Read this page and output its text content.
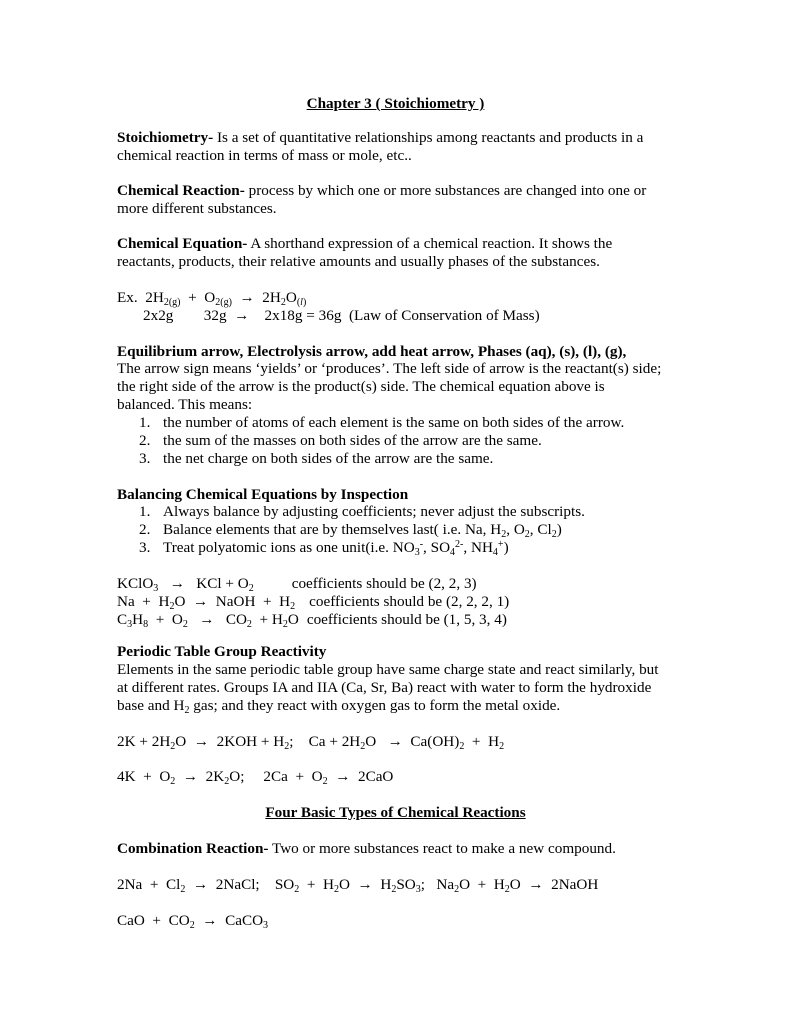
Chapter 3 ( Stoichiometry )
Stoichiometry- Is a set of quantitative relationships among reactants and products in a
chemical reaction in terms of mass or mole, etc..
Chemical Reaction- process by which one or more substances are changed into one or
more different substances.
Chemical Equation- A shorthand expression of a chemical reaction. It shows the
reactants, products, their relative amounts and usually phases of the substances.
Ex.  $2H_{2(g)} + O_{2(g)} \to 2H_2O_{(l)}$
2x2g        32g  →    2x18g = 36g  (Law of Conservation of Mass)
Equilibrium arrow, Electrolysis arrow, add heat arrow, Phases (aq), (s), (l), (g),
The arrow sign means ‘yields’ or ‘produces’. The left side of arrow is the reactant(s) side;
the right side of the arrow is the product(s) side. The chemical equation above is
balanced. This means:
1. the number of atoms of each element is the same on both sides of the arrow.
2. the sum of the masses on both sides of the arrow are the same.
3. the net charge on both sides of the arrow are the same.
Balancing Chemical Equations by Inspection
1. Always balance by adjusting coefficients; never adjust the subscripts.
2. Balance elements that are by themselves last( i.e. Na, $H_2$, $O_2$, $Cl_2$)
3. Treat polyatomic ions as one unit(i.e. $NO_3^-$, $SO_4^{2-}$, $NH_4^+$)
KClO$_3$   →   KCl + $O_2$	coefficients should be (2, 2, 3)
$Na + H_2O$  →  NaOH  +  $H_2$ coefficients should be (2, 2, 2, 1)
$C_3H_8 + O_2 \to CO_2 + H_2O$ coefficients should be (1, 5, 3, 4)
Periodic Table Group Reactivity
Elements in the same periodic table group have same charge state and react similarly, but
at different rates. Groups IA and IIA (Ca, Sr, Ba) react with water to form the hydroxide
base and $H_2$ gas; and they react with oxygen gas to form the metal oxide.
$2K + 2H_2O \to 2KOH + H_2$;    $Ca + 2H_2O \to Ca(OH)_2 + H_2$
$4K + O_2 \to 2K_2O$;     $2Ca + O_2 \to 2CaO$
Four Basic Types of Chemical Reactions
Combination Reaction- Two or more substances react to make a new compound.
$2Na + Cl_2$  →  2NaCl;    $SO_2 + H_2O \to H_2SO_3$;   $Na_2O + H_2O$  →  2NaOH
CaO  +  $CO_2$  →  CaCO$_3$
